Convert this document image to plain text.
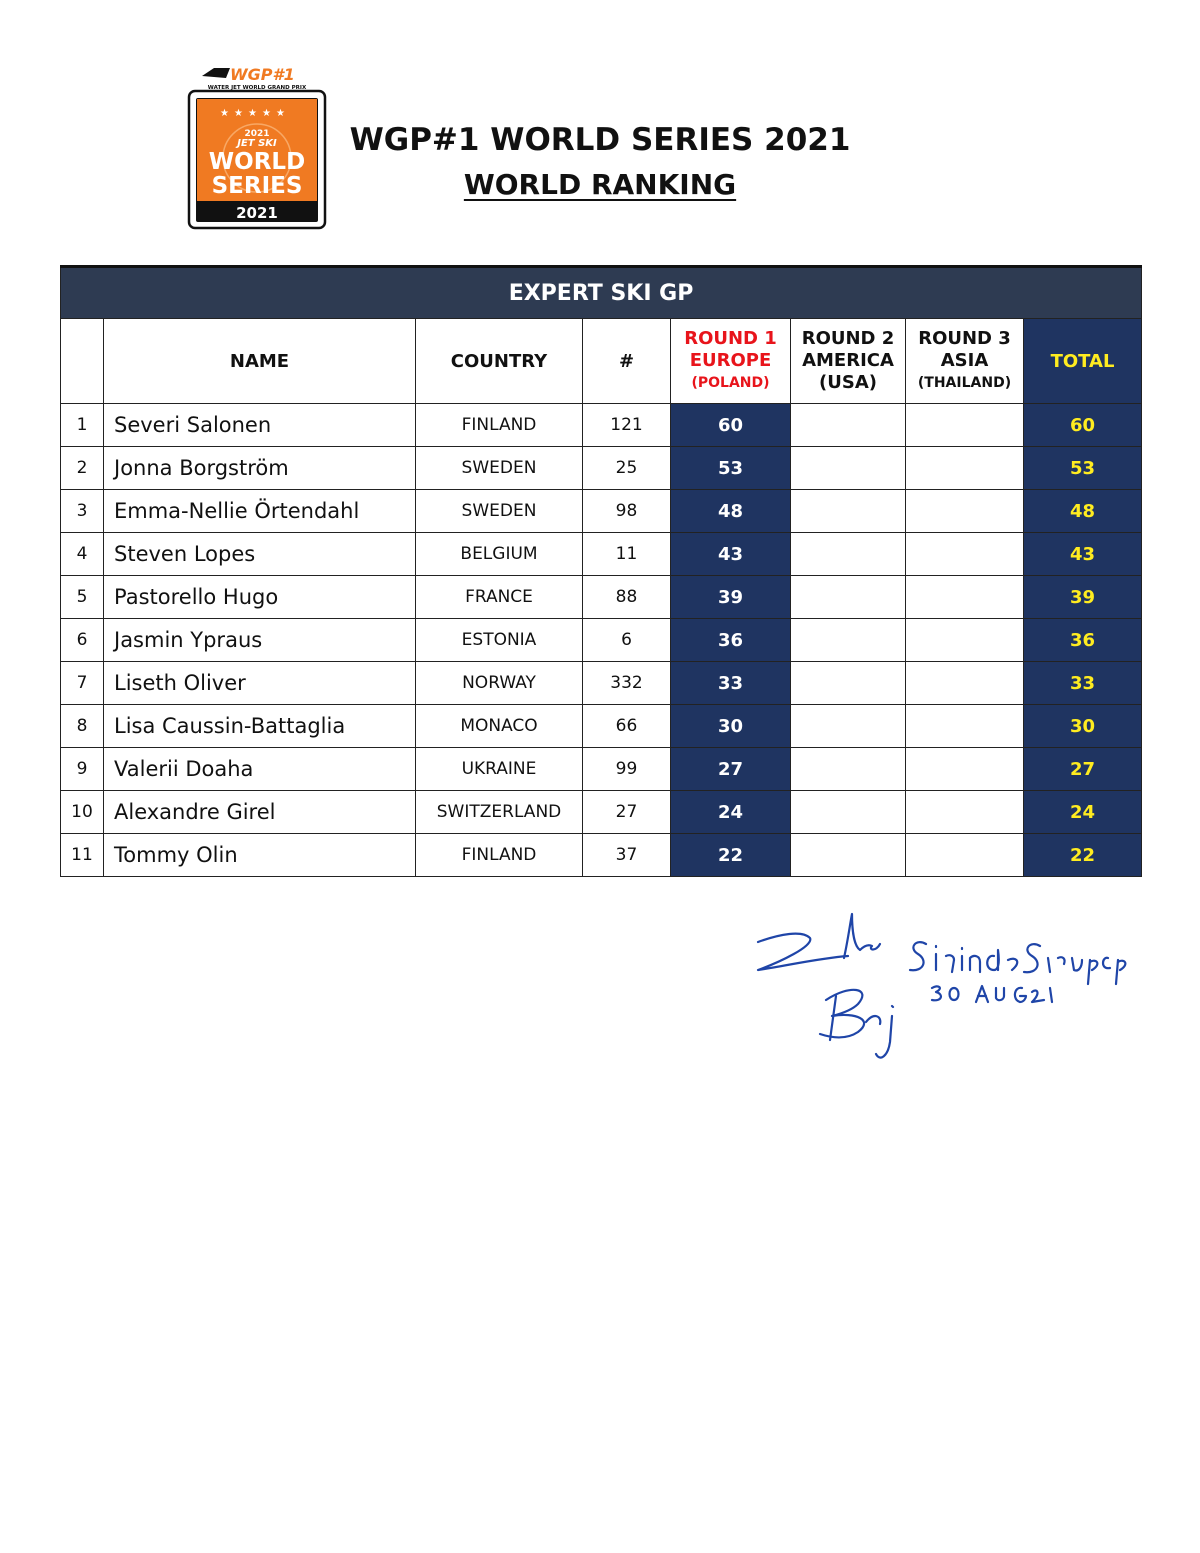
WGP#1
WATER JET WORLD GRAND PRIX
★ ★ ★ ★ ★
2021
JET SKI
WORLD
SERIES
2021
WGP#1 WORLD SERIES 2021
WORLD RANKING
EXPERT SKI GP							
	NAME	COUNTRY	#	ROUND 1
EUROPE
(POLAND)	ROUND 2
AMERICA
(USA)	ROUND 3
ASIA
(THAILAND)	TOTAL
1	Severi Salonen	FINLAND	121	60			60
2	Jonna Borgström	SWEDEN	25	53			53
3	Emma-Nellie Örtendahl	SWEDEN	98	48			48
4	Steven Lopes	BELGIUM	11	43			43
5	Pastorello Hugo	FRANCE	88	39			39
6	Jasmin Ypraus	ESTONIA	6	36			36
7	Liseth Oliver	NORWAY	332	33			33
8	Lisa Caussin-Battaglia	MONACO	66	30			30
9	Valerii Doaha	UKRAINE	99	27			27
10	Alexandre Girel	SWITZERLAND	27	24			24
11	Tommy Olin	FINLAND	37	22			22
